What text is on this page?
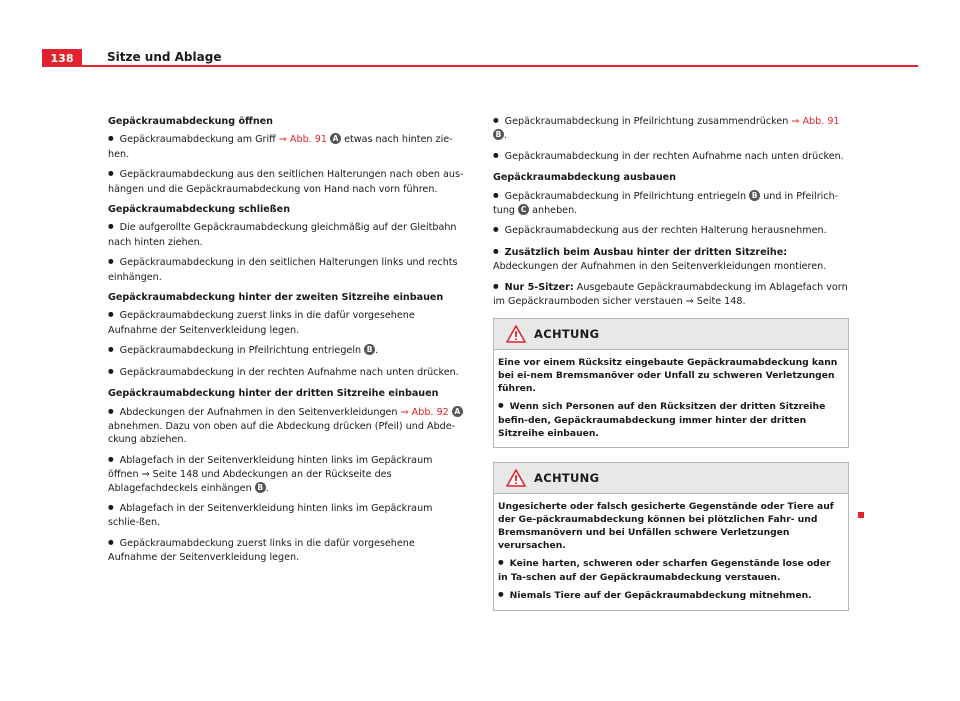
138	Sitze und Ablage
Gepäckraumabdeckung öffnen

● Gepäckraumabdeckung am Griff ⇒ Abb. 91 A etwas nach hinten zie-hen.

● Gepäckraumabdeckung aus den seitlichen Halterungen nach oben aus-hängen und die Gepäckraumabdeckung von Hand nach vorn führen.

Gepäckraumabdeckung schließen

● Die aufgerollte Gepäckraumabdeckung gleichmäßig auf der Gleitbahn nach hinten ziehen.

● Gepäckraumabdeckung in den seitlichen Halterungen links und rechts einhängen.

Gepäckraumabdeckung hinter der zweiten Sitzreihe einbauen

● Gepäckraumabdeckung zuerst links in die dafür vorgesehene Aufnahme der Seitenverkleidung legen.

● Gepäckraumabdeckung in Pfeilrichtung entriegeln B .

● Gepäckraumabdeckung in der rechten Aufnahme nach unten drücken.

Gepäckraumabdeckung hinter der dritten Sitzreihe einbauen

● Abdeckungen der Aufnahmen in den Seitenverkleidungen ⇒ Abb. 92 A abnehmen. Dazu von oben auf die Abdeckung drücken (Pfeil) und Abde-ckung abziehen.

● Ablagefach in der Seitenverkleidung hinten links im Gepäckraum öffnen ⇒ Seite 148 und Abdeckungen an der Rückseite des Ablagefachdeckels einhängen B .

● Ablagefach in der Seitenverkleidung hinten links im Gepäckraum schlie-ßen.

● Gepäckraumabdeckung zuerst links in die dafür vorgesehene Aufnahme der Seitenverkleidung legen.

● Gepäckraumabdeckung in Pfeilrichtung zusammendrücken ⇒ Abb. 91 B .

● Gepäckraumabdeckung in der rechten Aufnahme nach unten drücken.

Gepäckraumabdeckung ausbauen

● Gepäckraumabdeckung in Pfeilrichtung entriegeln B und in Pfeilrich-tung C anheben.

● Gepäckraumabdeckung aus der rechten Halterung herausnehmen.

● Zusätzlich beim Ausbau hinter der dritten Sitzreihe: Abdeckungen der Aufnahmen in den Seitenverkleidungen montieren.

● Nur 5-Sitzer: Ausgebaute Gepäckraumabdeckung im Ablagefach vorn im Gepäckraumboden sicher verstauen ⇒ Seite 148.

ACHTUNG

Eine vor einem Rücksitz eingebaute Gepäckraumabdeckung kann bei ei-nem Bremsmanöver oder Unfall zu schweren Verletzungen führen.

● Wenn sich Personen auf den Rücksitzen der dritten Sitzreihe befin-den, Gepäckraumabdeckung immer hinter der dritten Sitzreihe einbauen.

ACHTUNG

Ungesicherte oder falsch gesicherte Gegenstände oder Tiere auf der Ge-päckraumabdeckung können bei plötzlichen Fahr- und Bremsmanövern und bei Unfällen schwere Verletzungen verursachen.

● Keine harten, schweren oder scharfen Gegenstände lose oder in Ta-schen auf der Gepäckraumabdeckung verstauen.

● Niemals Tiere auf der Gepäckraumabdeckung mitnehmen.
